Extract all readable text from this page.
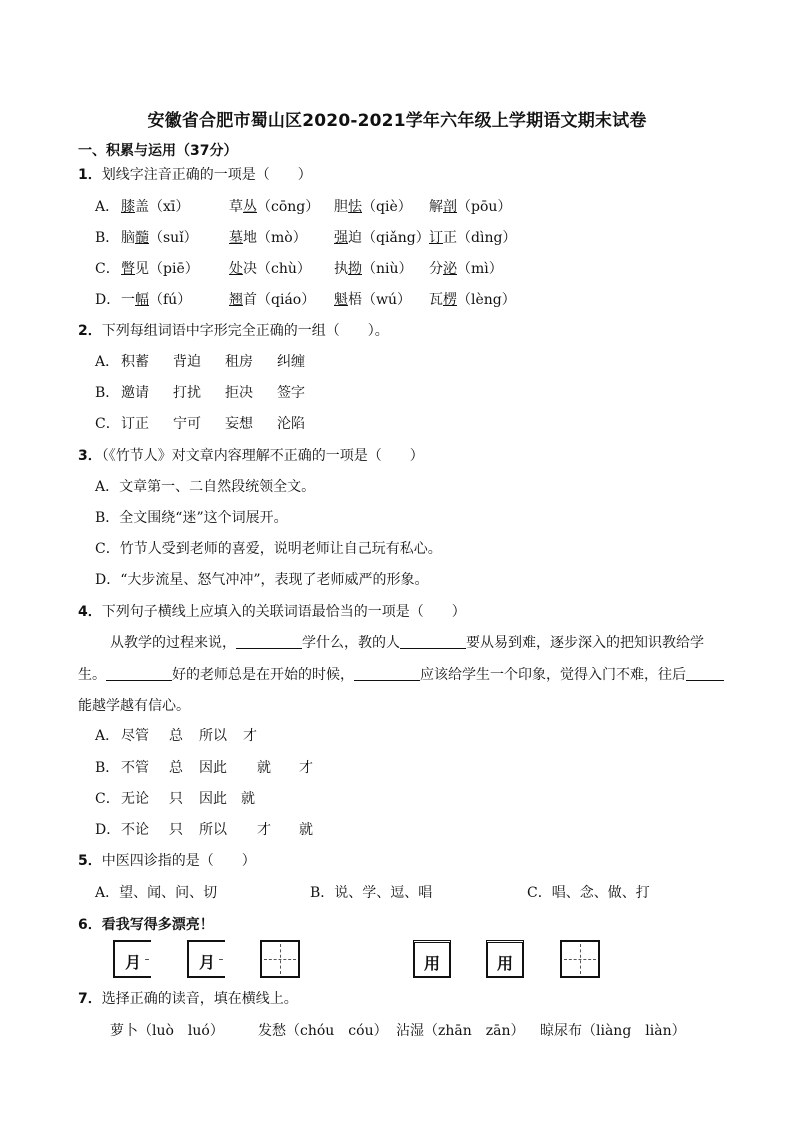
安徽省合肥市蜀山区2020-2021学年六年级上学期语文期末试卷
一、积累与运用（37分）
1．划线字注音正确的一项是（　　）
A． 膝盖（xī）	草丛（cōng） 胆怯（qiè） 解剖（pōu）
B． 脑髓（suǐ） 墓地（mò） 强迫（qiǎng） 订正（dìng）
C． 瞥见（piē） 处决（chù） 执拗（niù） 分泌（mì）
D． 一幅（fú）	翘首（qiáo） 魁梧（wú） 瓦楞（lèng）
2．下列每组词语中字形完全正确的一组（　　）。
A． 积蓄 背迫 租房 纠缠
B． 邀请 打扰 拒决 签字
C． 订正 宁可 妄想 沦陷
3．（《竹节人》对文章内容理解不正确的一项是（　　）
A．文章第一、二自然段统领全文。
B．全文围绕“迷”这个词展开。
C．竹节人受到老师的喜爱，说明老师让自己玩有私心。
D．“大步流星、怒气冲冲”，表现了老师威严的形象。
4．下列句子横线上应填入的关联词语最恰当的一项是（　　）
从教学的过程来说，	学什么，教的人	要从易到难，逐步深入的把知识教给学
生。	好的老师总是在开始的时候，	应该给学生一个印象，觉得入门不难，往后
能越学越有信心。
A． 尽管 总 所以 才
B． 不管 总 因此 就 才
C． 无论 只 因此 就
D． 不论 只 所以 才 就
5．中医四诊指的是（　　）
A．望、闻、问、切	B．说、学、逗、唱	C．唱、念、做、打
6．看我写得多漂亮！
月	月	用	用
7．选择正确的读音，填在横线上。
萝卜（luò　luó） 发愁（chóu　cóu） 沾湿（zhān　zān） 晾尿布（liàng　liàn）
